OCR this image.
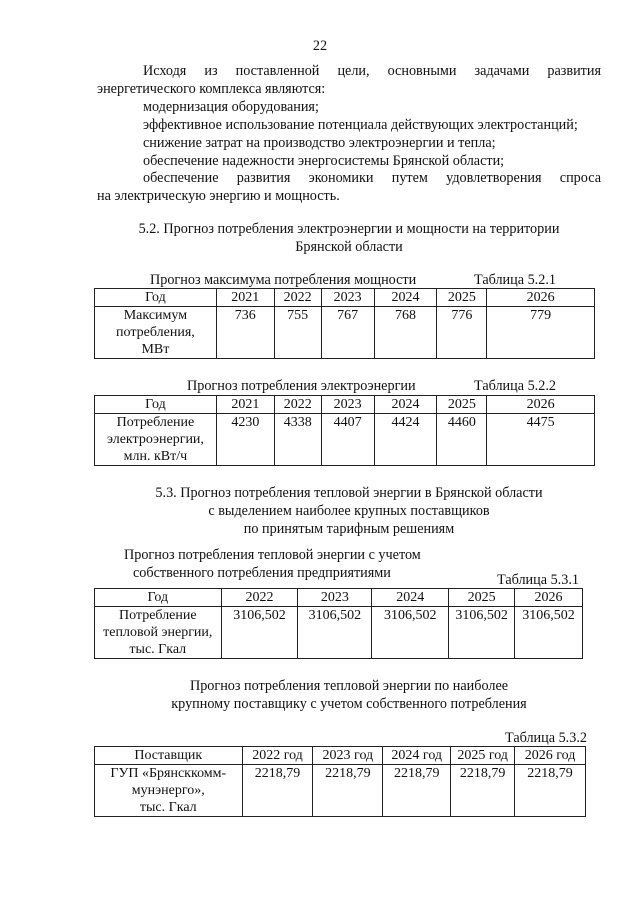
22
Исходя из поставленной цели, основными задачами развития
энергетического комплекса являются:
модернизация оборудования;
эффективное использование потенциала действующих электростанций;
снижение затрат на производство электроэнергии и тепла;
обеспечение надежности энергосистемы Брянской области;
обеспечение развития экономики путем удовлетворения спроса
на электрическую энергию и мощность.
5.2. Прогноз потребления электроэнергии и мощности на территории
Брянской области
Прогноз максимума потребления мощности	Таблица 5.2.1
Год	2021	2022	2023	2024	2025	2026

Максимум
потребления,
МВт	736	755	767	768	776	779
Прогноз потребления электроэнергии	Таблица 5.2.2
Год	2021	2022	2023	2024	2025	2026

Потребление
электроэнергии,
млн. кВт/ч	4230	4338	4407	4424	4460	4475
5.3. Прогноз потребления тепловой энергии в Брянской области
с выделением наиболее крупных поставщиков
по принятым тарифным решениям
Прогноз потребления тепловой энергии с учетом
собственного потребления предприятиями	Таблица 5.3.1
Год	2022	2023	2024	2025	2026

Потребление
тепловой энергии,
тыс. Гкал	3106,502	3106,502	3106,502	3106,502	3106,502
Прогноз потребления тепловой энергии по наиболее
крупному поставщику с учетом собственного потребления
Таблица 5.3.2
Поставщик	2022 год	2023 год	2024 год	2025 год	2026 год

ГУП «Брянсккомм-
мунэнерго»,
тыс. Гкал	2218,79	2218,79	2218,79	2218,79	2218,79
